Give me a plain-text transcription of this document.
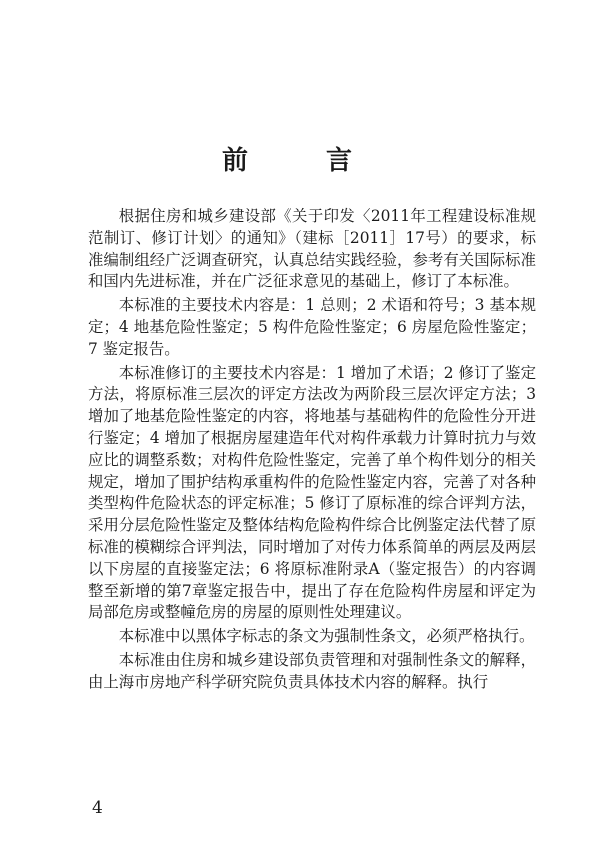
前　言

根据住房和城乡建设部《关于印发〈2011年工程建设标准规范制订、修订计划〉的通知》（建标［2011］17号）的要求，标准编制组经广泛调查研究，认真总结实践经验，参考有关国际标准和国内先进标准，并在广泛征求意见的基础上，修订了本标准。

本标准的主要技术内容是：1 总则；2 术语和符号；3 基本规定；4 地基危险性鉴定；5 构件危险性鉴定；6 房屋危险性鉴定；7 鉴定报告。

本标准修订的主要技术内容是：1 增加了术语；2 修订了鉴定方法，将原标准三层次的评定方法改为两阶段三层次评定方法；3 增加了地基危险性鉴定的内容，将地基与基础构件的危险性分开进行鉴定；4 增加了根据房屋建造年代对构件承载力计算时抗力与效应比的调整系数；对构件危险性鉴定，完善了单个构件划分的相关规定，增加了围护结构承重构件的危险性鉴定内容，完善了对各种类型构件危险状态的评定标准；5 修订了原标准的综合评判方法，采用分层危险性鉴定及整体结构危险构件综合比例鉴定法代替了原标准的模糊综合评判法，同时增加了对传力体系简单的两层及两层以下房屋的直接鉴定法；6 将原标准附录A（鉴定报告）的内容调整至新增的第7章鉴定报告中，提出了存在危险构件房屋和评定为局部危房或整幢危房的房屋的原则性处理建议。

本标准中以黑体字标志的条文为强制性条文，必须严格执行。

本标准由住房和城乡建设部负责管理和对强制性条文的解释，由上海市房地产科学研究院负责具体技术内容的解释。执行

4
